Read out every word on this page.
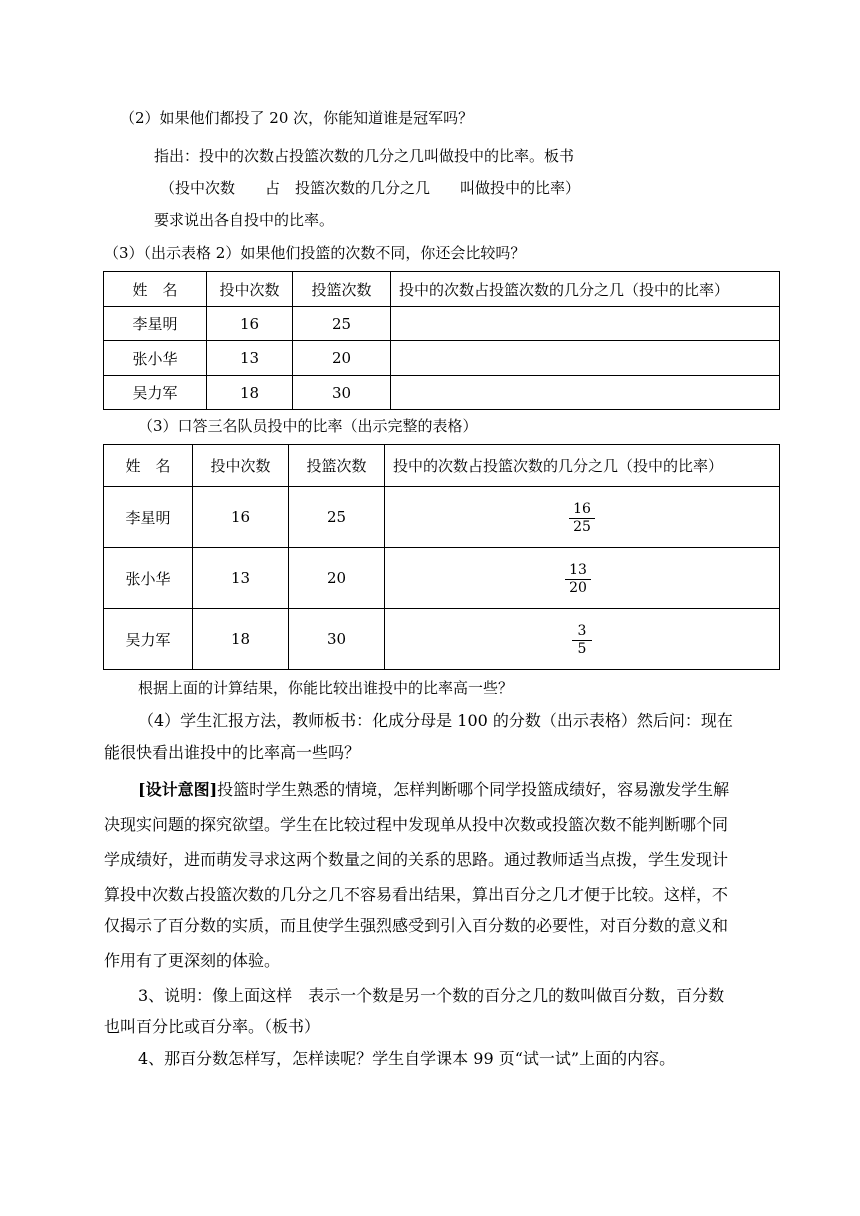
（2）如果他们都投了 20 次，你能知道谁是冠军吗？
指出：投中的次数占投篮次数的几分之几叫做投中的比率。板书
（投中次数　　占　投篮次数的几分之几　　叫做投中的比率）
要求说出各自投中的比率。
（3）（出示表格 2）如果他们投篮的次数不同，你还会比较吗？
姓　名	投中次数	投篮次数	投中的次数占投篮次数的几分之几（投中的比率）
李星明	16	25	
张小华	13	20	
吴力军	18	30	
（3）口答三名队员投中的比率（出示完整的表格）
姓　名	投中次数	投篮次数	投中的次数占投篮次数的几分之几（投中的比率）
李星明	16	25	$\frac{16}{25}$

张小华	13	20	$\frac{13}{20}$

吴力军	18	30	$\frac{3}{5}$
根据上面的计算结果，你能比较出谁投中的比率高一些？
（4）学生汇报方法，教师板书：化成分母是 100 的分数（出示表格）然后问：现在
能很快看出谁投中的比率高一些吗？
[设计意图]投篮时学生熟悉的情境，怎样判断哪个同学投篮成绩好，容易激发学生解
决现实问题的探究欲望。学生在比较过程中发现单从投中次数或投篮次数不能判断哪个同
学成绩好，进而萌发寻求这两个数量之间的关系的思路。通过教师适当点拨，学生发现计
算投中次数占投篮次数的几分之几不容易看出结果，算出百分之几才便于比较。这样，不
仅揭示了百分数的实质，而且使学生强烈感受到引入百分数的必要性，对百分数的意义和
作用有了更深刻的体验。
3、说明：像上面这样　表示一个数是另一个数的百分之几的数叫做百分数，百分数
也叫百分比或百分率。（板书）
4、那百分数怎样写，怎样读呢？学生自学课本 99 页“试一试”上面的内容。
